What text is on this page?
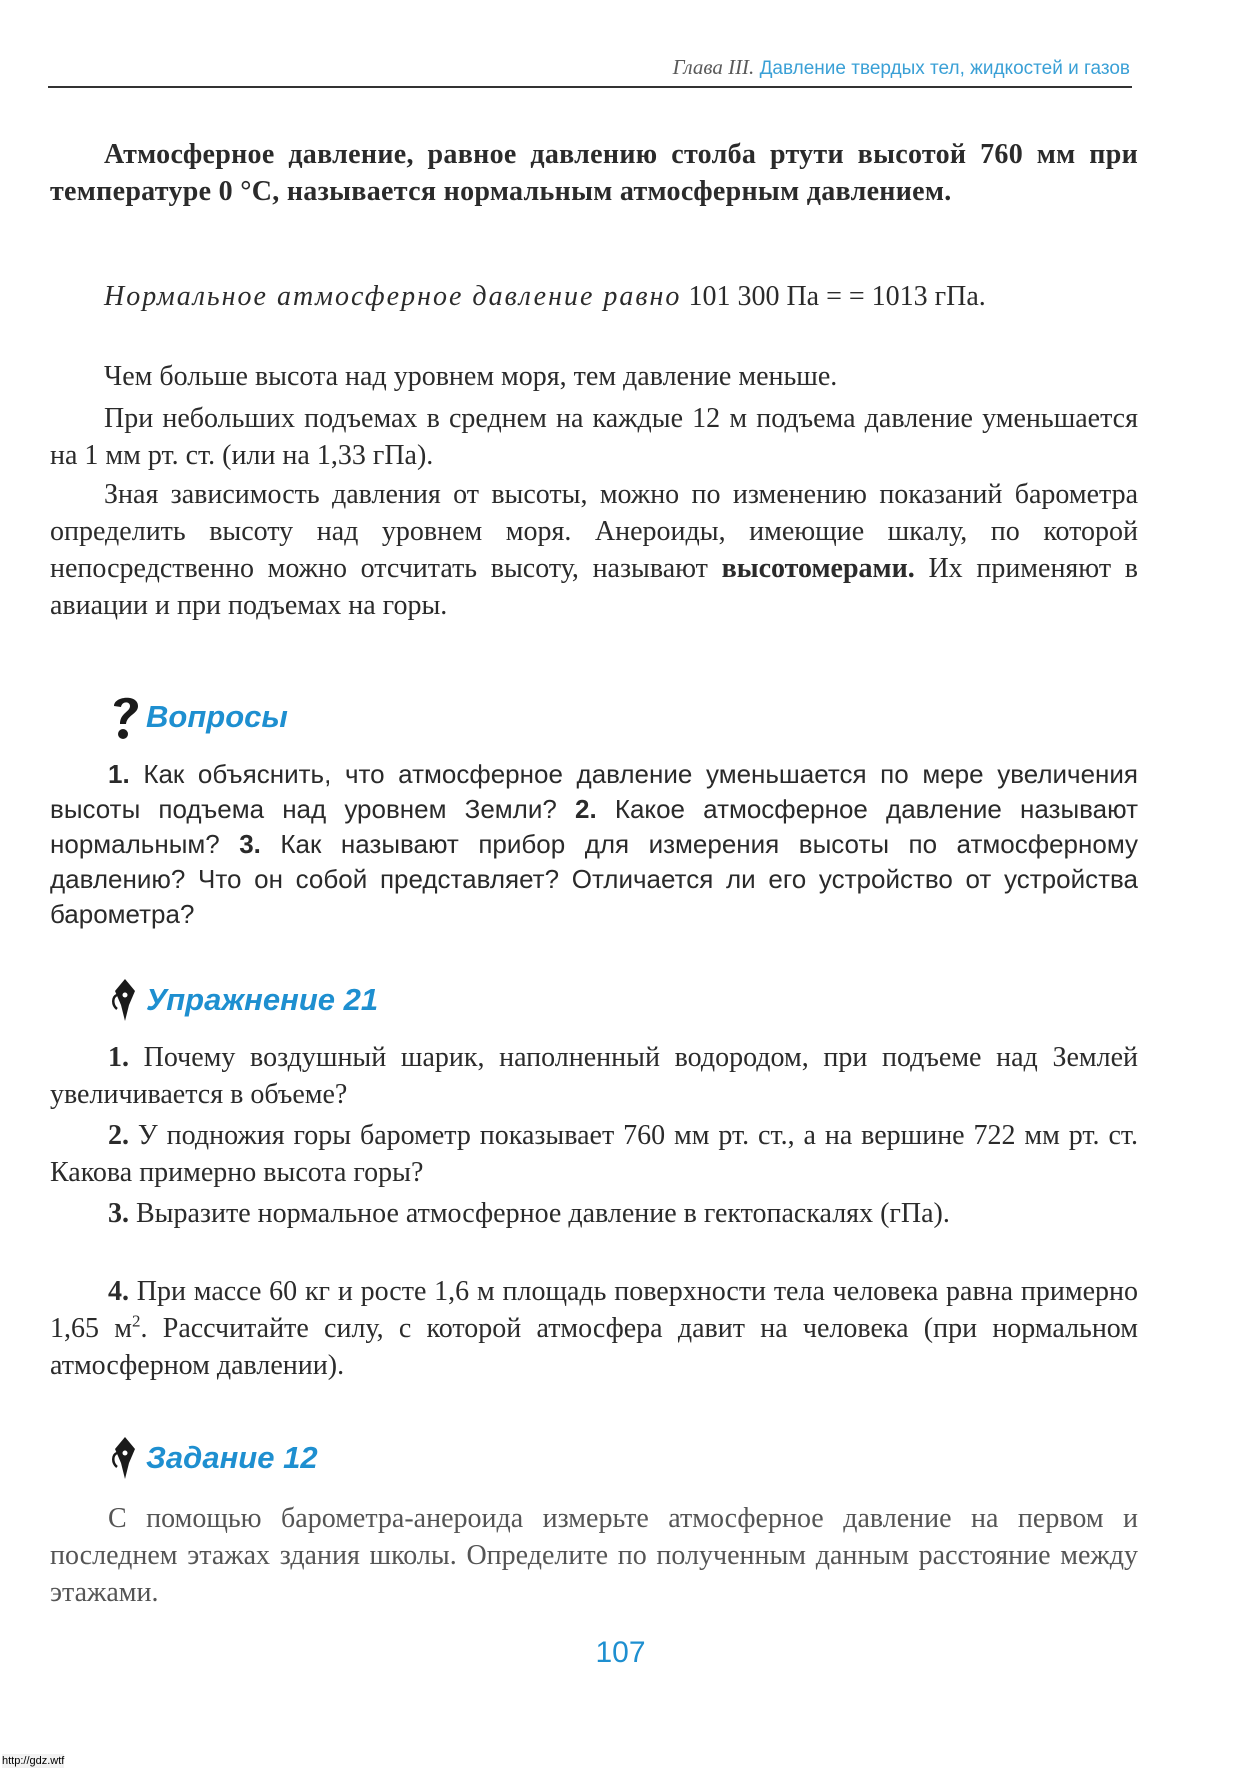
Глава III. Давление твердых тел, жидкостей и газов

Атмосферное давление, равное давлению столба ртути высотой 760 мм при температуре 0 °С, называется нормальным атмосферным давлением.

Нормальное атмосферное давление равно 101 300 Па = = 1013 гПа.

Чем больше высота над уровнем моря, тем давление меньше.

При небольших подъемах в среднем на каждые 12 м подъема давление уменьшается на 1 мм рт. ст. (или на 1,33 гПа).

Зная зависимость давления от высоты, можно по изменению показаний барометра определить высоту над уровнем моря. Анероиды, имеющие шкалу, по которой непосредственно можно отсчитать высоту, называют высотомерами. Их применяют в авиации и при подъемах на горы.

Вопросы

1. Как объяснить, что атмосферное давление уменьшается по мере увеличения высоты подъема над уровнем Земли? 2. Какое атмосферное давление называют нормальным? 3. Как называют прибор для измерения высоты по атмосферному давлению? Что он собой представляет? Отличается ли его устройство от устройства барометра?

Упражнение 21

1. Почему воздушный шарик, наполненный водородом, при подъеме над Землей увеличивается в объеме?

2. У подножия горы барометр показывает 760 мм рт. ст., а на вершине 722 мм рт. ст. Какова примерно высота горы?

3. Выразите нормальное атмосферное давление в гектопаскалях (гПа).

4. При массе 60 кг и росте 1,6 м площадь поверхности тела человека равна примерно 1,65 $м^2$. Рассчитайте силу, с которой атмосфера давит на человека (при нормальном атмосферном давлении).

Задание 12

С помощью барометра-анероида измерьте атмосферное давление на первом и последнем этажах здания школы. Определите по полученным данным расстояние между этажами.

107
http://gdz.wtf
